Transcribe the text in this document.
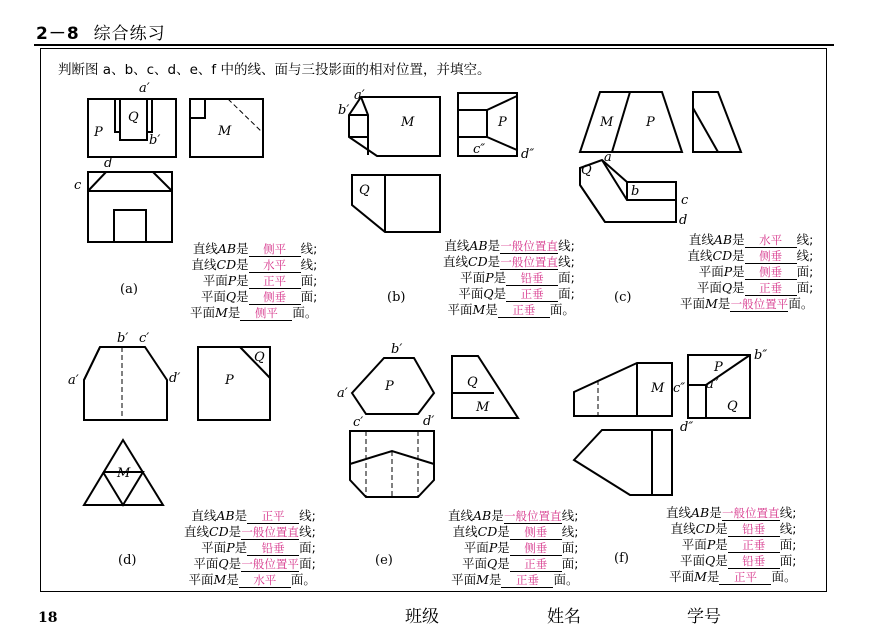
2－8 综合练习
判断图 a、b、c、d、e、f 中的线、面与三投影面的相对位置，并填空。
a′
Q
P
b′
M
d
c
a′
b′
M	P
c″	d″
Q
M	P
a
Q
b
c
d
b′ c′
a′	d′	P
Q
M
b′
a′	P
c′	d′
Q
M
P
b″
M c″ a″
Q
d″
(a)
(b)	(c)
(d)	(e)	(f)
直线AB是 侧平 线;
直线CD是 水平 线;
平面P是 正平 面;
平面Q是 侧垂 面;
平面M是 侧平 面。
直线AB是一般位置直线;
直线CD是一般位置直线;
平面P是 铅垂 面;
平面Q是 正垂 面;
平面M是 正垂 面。
直线AB是 水平 线;
直线CD是 侧垂 线;
平面P是 侧垂 面;
平面Q是 正垂 面;
平面M是一般位置平面。
直线AB是 正平 线;
直线CD是一般位置直线;
平面P是 铅垂 面;
平面Q是一般位置平面;
平面M是 水平 面。
直线AB是一般位置直线;
直线CD是 侧垂 线;
平面P是 侧垂 面;
平面Q是 正垂 面;
平面M是 正垂 面。
直线AB是一般位置直线;
直线CD是 铅垂 线;
平面P是 正垂 面;
平面Q是 铅垂 面;
平面M是 正平 面。
18	班级	姓名	学号
